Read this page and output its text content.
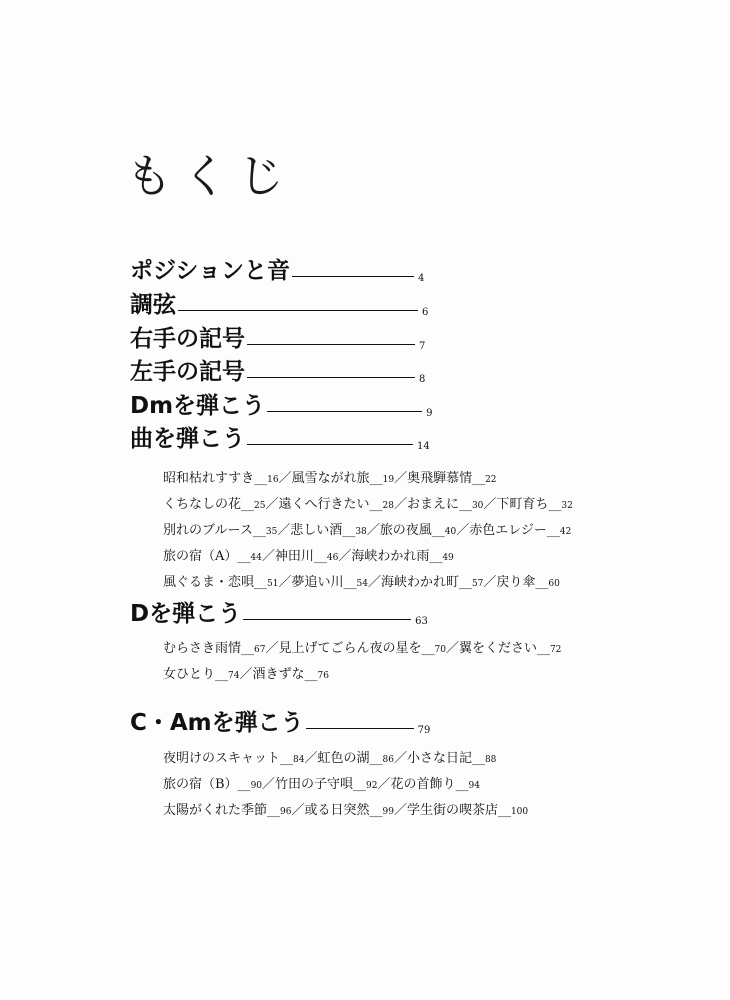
もくじ
ポジションと音	4
調弦	6
右手の記号	7
左手の記号	8
Dmを弾こう	9
曲を弾こう	14
昭和枯れすすき__16／風雪ながれ旅__19／奥飛騨慕情__22
くちなしの花__25／遠くへ行きたい__28／おまえに__30／下町育ち__32
別れのブルース__35／悲しい酒__38／旅の夜風__40／赤色エレジー__42
旅の宿（A）__44／神田川__46／海峡わかれ雨__49
風ぐるま・恋唄__51／夢追い川__54／海峡わかれ町__57／戻り傘__60
Dを弾こう	63
むらさき雨情__67／見上げてごらん夜の星を__70／翼をください__72
女ひとり__74／酒きずな__76
C・Amを弾こう	79
夜明けのスキャット__84／虹色の湖__86／小さな日記__88
旅の宿（B）__90／竹田の子守唄__92／花の首飾り__94
太陽がくれた季節__96／或る日突然__99／学生街の喫茶店__100
